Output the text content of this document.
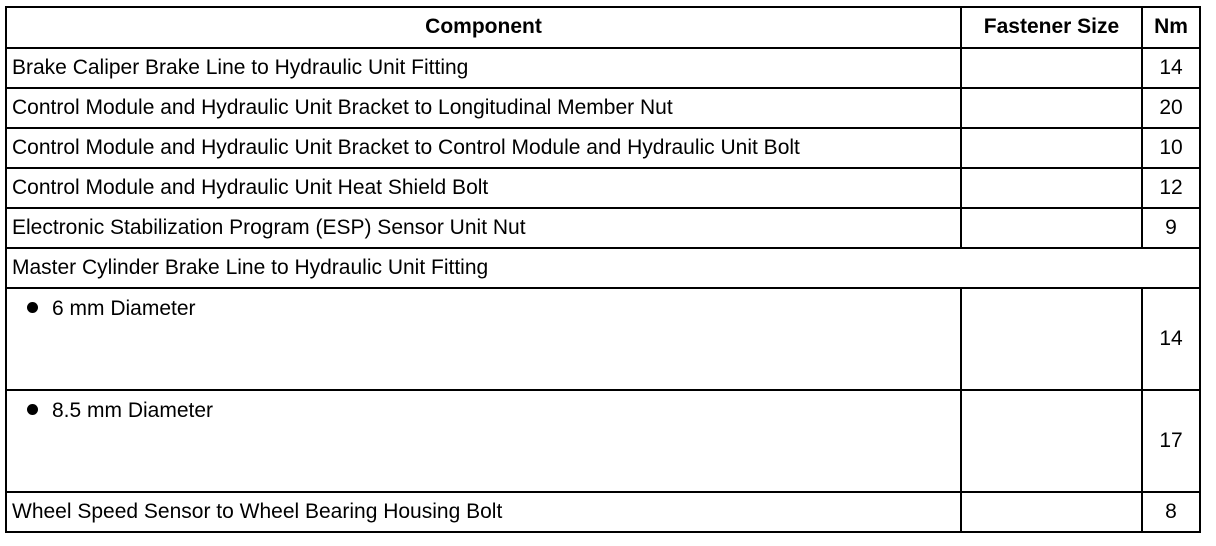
Component	Fastener Size	Nm
Brake Caliper Brake Line to Hydraulic Unit Fitting		14
Control Module and Hydraulic Unit Bracket to Longitudinal Member Nut		20
Control Module and Hydraulic Unit Bracket to Control Module and Hydraulic Unit Bolt		10
Control Module and Hydraulic Unit Heat Shield Bolt		12
Electronic Stabilization Program (ESP) Sensor Unit Nut		9
Master Cylinder Brake Line to Hydraulic Unit Fitting		
6 mm Diameter		14
8.5 mm Diameter		17
Wheel Speed Sensor to Wheel Bearing Housing Bolt		8
